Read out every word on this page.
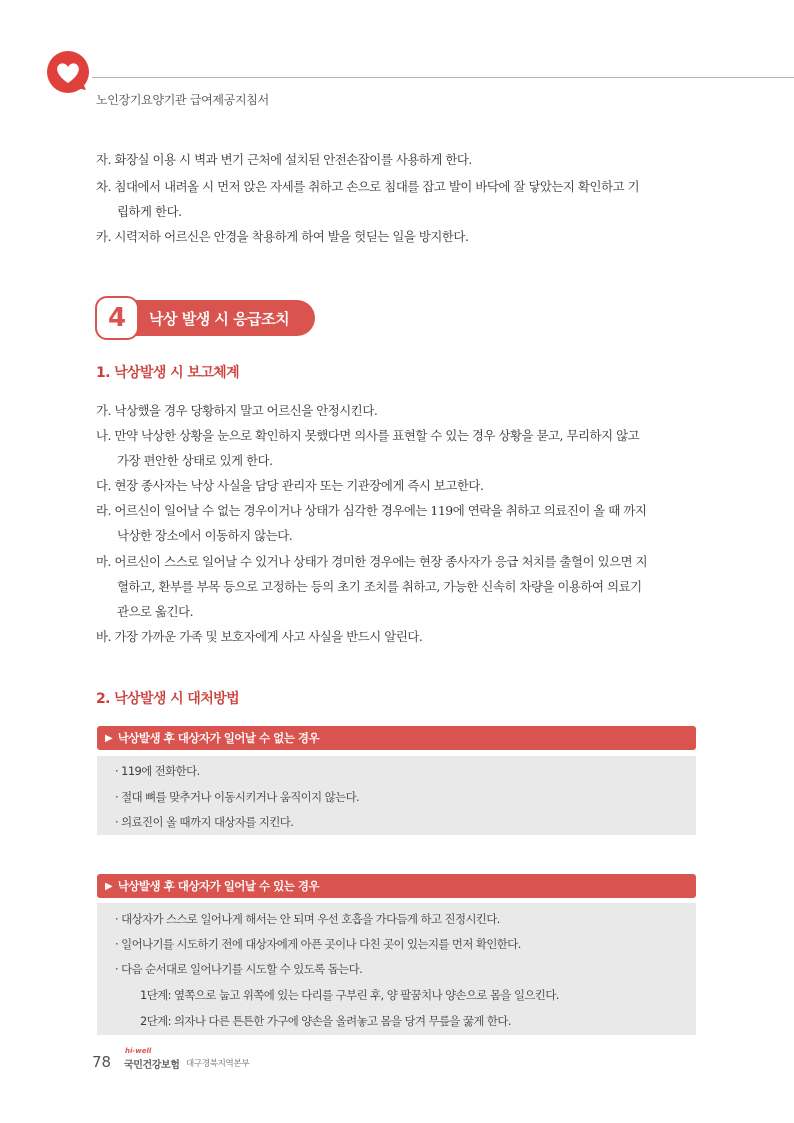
노인장기요양기관 급여제공지침서
자. 화장실 이용 시 벽과 변기 근처에 설치된 안전손잡이를 사용하게 한다.
차. 침대에서 내려올 시 먼저 앉은 자세를 취하고 손으로 침대를 잡고 발이 바닥에 잘 닿았는지 확인하고 기
립하게 한다.
카. 시력저하 어르신은 안경을 착용하게 하여 발을 헛딛는 일을 방지한다.
낙상 발생 시 응급조치
4
1. 낙상발생 시 보고체계
가. 낙상했을 경우 당황하지 말고 어르신을 안정시킨다.
나. 만약 낙상한 상황을 눈으로 확인하지 못했다면 의사를 표현할 수 있는 경우 상황을 묻고, 무리하지 않고
가장 편안한 상태로 있게 한다.
다. 현장 종사자는 낙상 사실을 담당 관리자 또는 기관장에게 즉시 보고한다.
라. 어르신이 일어날 수 없는 경우이거나 상태가 심각한 경우에는 119에 연락을 취하고 의료진이 올 때 까지
낙상한 장소에서 이동하지 않는다.
마. 어르신이 스스로 일어날 수 있거나 상태가 경미한 경우에는 현장 종사자가 응급 처치를 출혈이 있으면 지
혈하고, 환부를 부목 등으로 고정하는 등의 초기 조치를 취하고, 가능한 신속히 차량을 이용하여 의료기
관으로 옮긴다.
바. 가장 가까운 가족 및 보호자에게 사고 사실을 반드시 알린다.
2. 낙상발생 시 대처방법
▶ 낙상발생 후 대상자가 일어날 수 없는 경우
· 119에 전화한다.
· 절대 뼈를 맞추거나 이동시키거나 움직이지 않는다.
· 의료진이 올 때까지 대상자를 지킨다.
▶ 낙상발생 후 대상자가 일어날 수 있는 경우
· 대상자가 스스로 일어나게 해서는 안 되며 우선 호흡을 가다듬게 하고 진정시킨다.
· 일어나기를 시도하기 전에 대상자에게 아픈 곳이나 다친 곳이 있는지를 먼저 확인한다.
· 다음 순서대로 일어나기를 시도할 수 있도록 돕는다.
1단계: 옆쪽으로 눕고 위쪽에 있는 다리를 구부린 후, 양 팔꿈치나 양손으로 몸을 일으킨다.
2단계: 의자나 다른 튼튼한 가구에 양손을 올려놓고 몸을 당겨 무릎을 꿇게 한다.
78
hi-well
국민건강보험 대구경북지역본부
